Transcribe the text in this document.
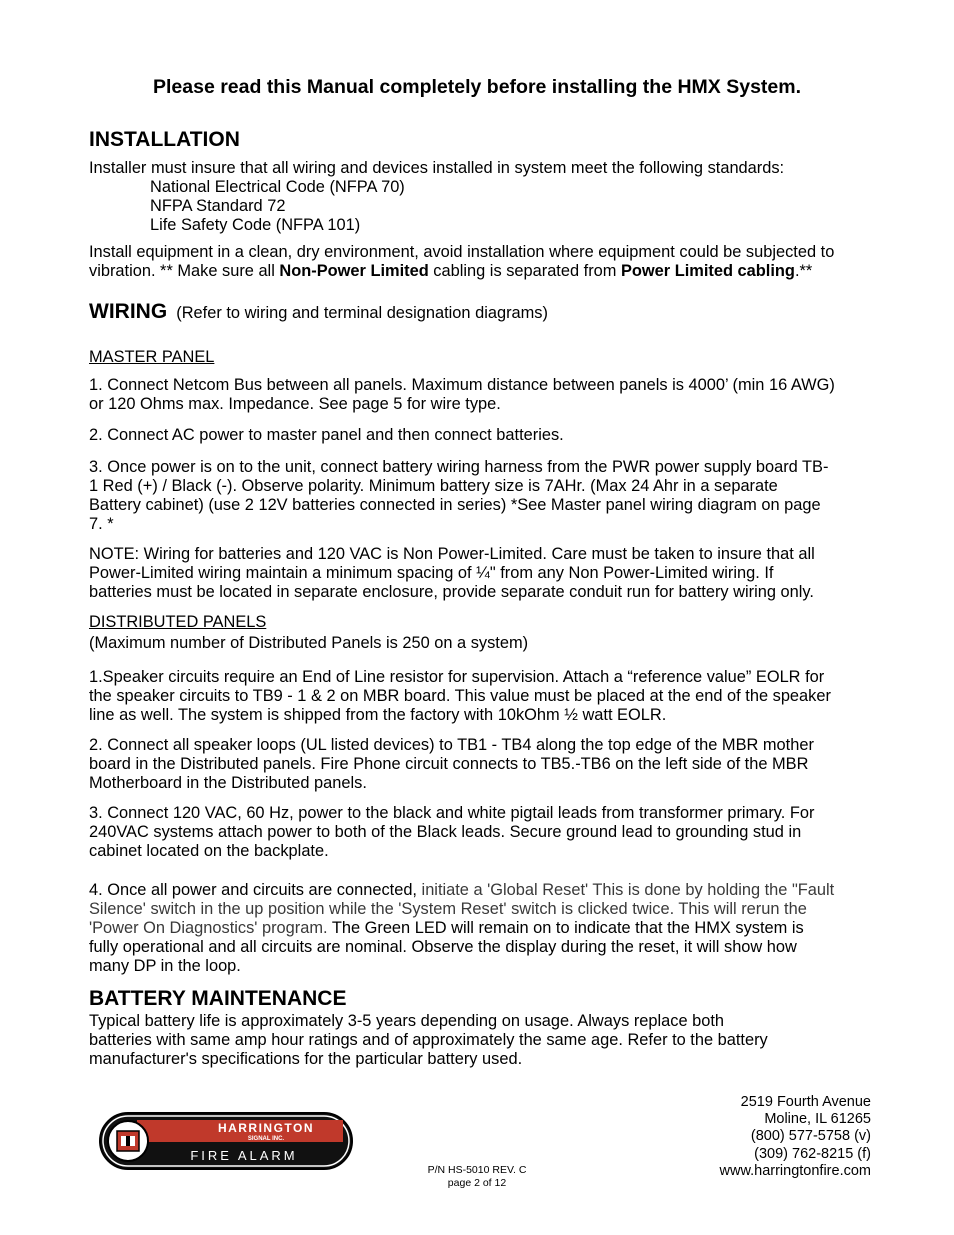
Please read this Manual completely before installing the HMX System.
INSTALLATION
Installer must insure that all wiring and devices installed in system meet the following standards:
National Electrical Code (NFPA 70)
NFPA Standard 72
Life Safety Code (NFPA 101)
Install equipment in a clean, dry environment, avoid installation where equipment could be subjected to
vibration. ** Make sure all Non-Power Limited cabling is separated from Power Limited cabling.**
WIRING (Refer to wiring and terminal designation diagrams)
MASTER PANEL
1. Connect Netcom Bus between all panels. Maximum distance between panels is 4000’ (min 16 AWG)
or 120 Ohms max. Impedance. See page 5 for wire type.
2. Connect AC power to master panel and then connect batteries.
3. Once power is on to the unit, connect battery wiring harness from the PWR power supply board TB-
1 Red (+) / Black (-). Observe polarity. Minimum battery size is 7AHr. (Max 24 Ahr in a separate
Battery cabinet) (use 2 12V batteries connected in series) *See Master panel wiring diagram on page
7. *
NOTE: Wiring for batteries and 120 VAC is Non Power-Limited. Care must be taken to insure that all
Power-Limited wiring maintain a minimum spacing of ¼" from any Non Power-Limited wiring. If
batteries must be located in separate enclosure, provide separate conduit run for battery wiring only.
DISTRIBUTED PANELS
(Maximum number of Distributed Panels is 250 on a system)
1.Speaker circuits require an End of Line resistor for supervision. Attach a “reference value” EOLR for
the speaker circuits to TB9 - 1 & 2 on MBR board. This value must be placed at the end of the speaker
line as well. The system is shipped from the factory with 10kOhm ½ watt EOLR.
2. Connect all speaker loops (UL listed devices) to TB1 - TB4 along the top edge of the MBR mother
board in the Distributed panels. Fire Phone circuit connects to TB5.-TB6 on the left side of the MBR
Motherboard in the Distributed panels.
3. Connect 120 VAC, 60 Hz, power to the black and white pigtail leads from transformer primary. For
240VAC systems attach power to both of the Black leads. Secure ground lead to grounding stud in
cabinet located on the backplate.
4. Once all power and circuits are connected, initiate a 'Global Reset' This is done by holding the "Fault
Silence' switch in the up position while the 'System Reset' switch is clicked twice. This will rerun the
'Power On Diagnostics' program. The Green LED will remain on to indicate that the HMX system is
fully operational and all circuits are nominal. Observe the display during the reset, it will show how
many DP in the loop.
BATTERY MAINTENANCE
Typical battery life is approximately 3-5 years depending on usage. Always replace both
batteries with same amp hour ratings and of approximately the same age. Refer to the battery
manufacturer's specifications for the particular battery used.
HARRINGTON
SIGNAL INC.
FIRE ALARM
2519 Fourth Avenue
Moline, IL 61265
(800) 577-5758 (v)
(309) 762-8215 (f)
www.harringtonfire.com
P/N HS-5010 REV. C
page 2 of 12
